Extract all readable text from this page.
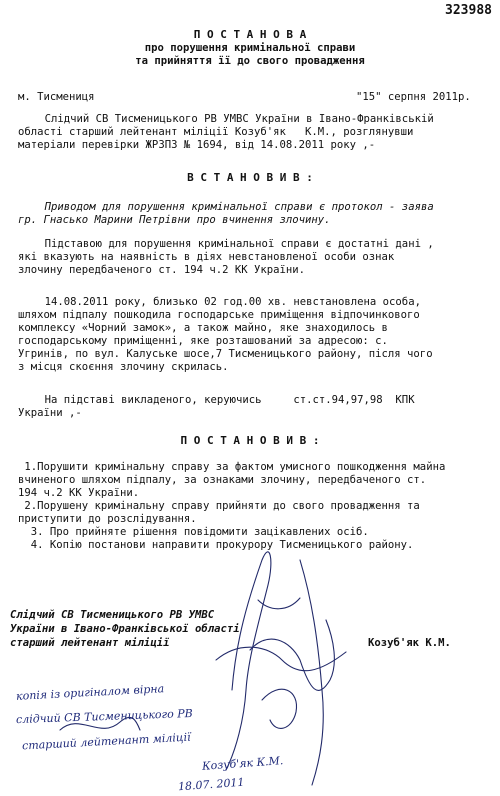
323988
П О С Т А Н О В А
про порушення кримінальної справи
та прийняття її до свого провадження
м. Тисмениця	"15" серпня 2011р.
Слідчий СВ Тисменицького РВ УМВС України в Івано-Франківській
області старший лейтенант міліції Козуб'як   К.М., розглянувши
матеріали перевірки ЖРЗПЗ № 1694, від 14.08.2011 року ,-
В С Т А Н О В И В :
Приводом для порушення кримінальної справи є протокол - заява
гр. Гнасько Марини Петрівни про вчинення злочину.
Підставою для порушення кримінальної справи є достатні дані ,
які вказують на наявність в діях невстановленої особи ознак
злочину передбаченого ст. 194 ч.2 КК України.
14.08.2011 року, близько 02 год.00 хв. невстановлена особа,
шляхом підпалу пошкодила господарське приміщення відпочинкового
комплексу «Чорний замок», а також майно, яке знаходилось в
господарському приміщенні, яке розташований за адресою: с.
Угринів, по вул. Калуське шосе,7 Тисменицького району, після чого
з місця скоєння злочину скрилась.
На підставі викладеного, керуючись     ст.ст.94,97,98  КПК
України ,-
П О С Т А Н О В И В :
1.Порушити кримінальну справу за фактом умисного пошкодження майна
вчиненого шляхом підпалу, за ознаками злочину, передбаченого ст.
194 ч.2 КК України.
2.Порушену кримінальну справу прийняти до свого провадження та
приступити до розслідування.
3. Про прийняте рішення повідомити зацікавлених осіб.
4. Копію постанови направити прокурору Тисменицького району.
Слідчий СВ Тисменицького РВ УМВС
України в Івано-Франківської області
старший лейтенант міліції	Козуб'як К.М.
копія із оригіналом вірна
слідчий СВ Тисменицького РВ
старший лейтенант міліції
Козуб'як К.М.
18.07. 2011
